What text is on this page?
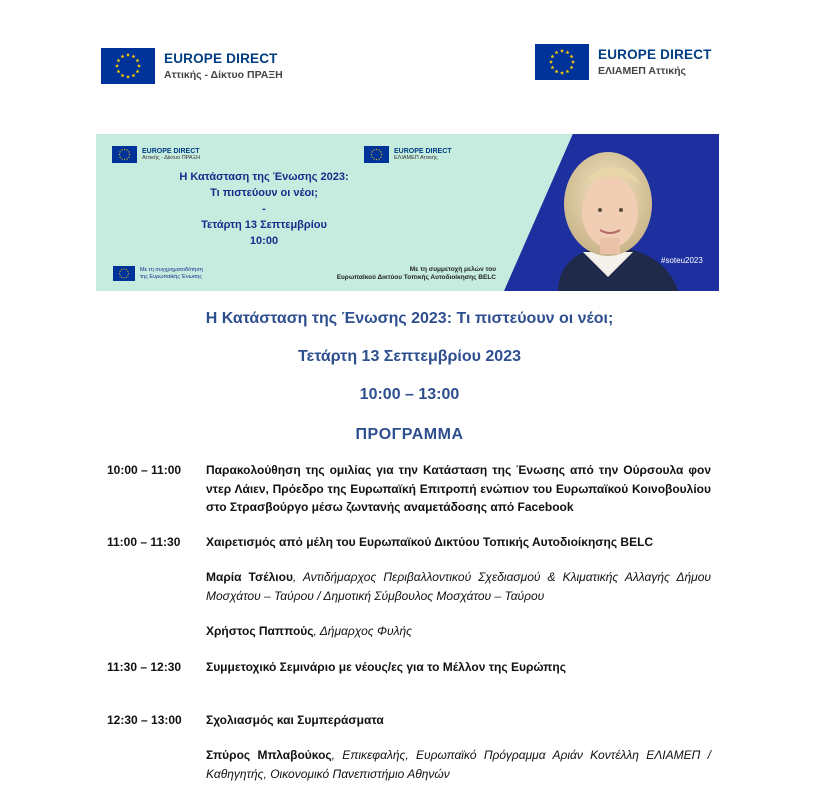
EUROPE DIRECT
Αττικής - Δίκτυο ΠΡΑΞΗ
EUROPE DIRECT
ΕΛΙΑΜΕΠ Αττικής
EUROPE DIRECT
Αττικής - Δίκτυο ΠΡΑΞΗ
EUROPE DIRECT
ΕΛΙΑΜΕΠ Αττικής
Η Κατάσταση της Ένωσης 2023:
Τι πιστεύουν οι νέοι;
-
Τετάρτη 13 Σεπτεμβρίου
10:00
Με τη συγχρηματοδότηση της Ευρωπαϊκής Ένωσης
Με τη συμμετοχή μελών του
Ευρωπαϊκού Δικτύου Τοπικής Αυτοδιοίκησης BELC
#soteu2023
Η Κατάσταση της Ένωσης 2023: Τι πιστεύουν οι νέοι;
Τετάρτη 13 Σεπτεμβρίου 2023
10:00 – 13:00
ΠΡΟΓΡΑΜΜΑ
10:00 – 11:00 Παρακολούθηση της ομιλίας για την Κατάσταση της Ένωσης από την Ούρσουλα φον ντερ Λάιεν, Πρόεδρο της Ευρωπαϊκή Επιτροπή ενώπιον του Ευρωπαϊκού Κοινοβουλίου στο Στρασβούργο μέσω ζωντανής αναμετάδοσης από Facebook
11:00 – 11:30 Χαιρετισμός από μέλη του Ευρωπαϊκού Δικτύου Τοπικής Αυτοδιοίκησης BELC
Μαρία Τσέλιου, Αντιδήμαρχος Περιβαλλοντικού Σχεδιασμού & Κλιματικής Αλλαγής Δήμου Μοσχάτου – Ταύρου / Δημοτική Σύμβουλος Μοσχάτου – Ταύρου
Χρήστος Παππούς, Δήμαρχος Φυλής
11:30 – 12:30 Συμμετοχικό Σεμινάριο με νέους/ες για το Μέλλον της Ευρώπης
12:30 – 13:00 Σχολιασμός και Συμπεράσματα
Σπύρος Μπλαβούκος, Επικεφαλής, Ευρωπαϊκό Πρόγραμμα Αριάν Κοντέλλη ΕΛΙΑΜΕΠ / Καθηγητής, Οικονομικό Πανεπιστήμιο Αθηνών
